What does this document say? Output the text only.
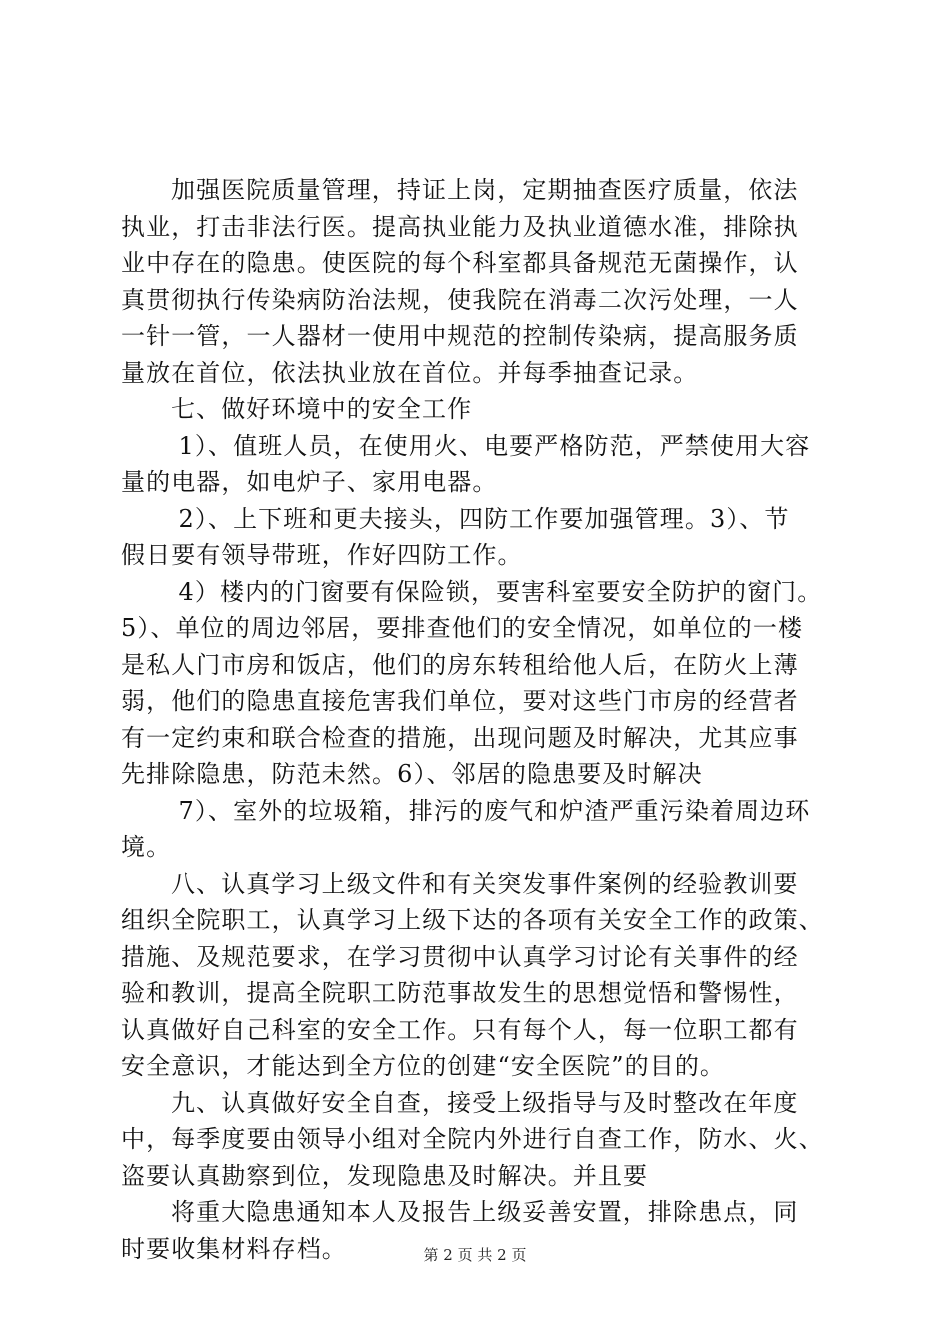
加强医院质量管理，持证上岗，定期抽查医疗质量，依法
执业，打击非法行医。提高执业能力及执业道德水准，排除执
业中存在的隐患。使医院的每个科室都具备规范无菌操作，认
真贯彻执行传染病防治法规，使我院在消毒二次污处理，一人
一针一管，一人器材一使用中规范的控制传染病，提高服务质
量放在首位，依法执业放在首位。并每季抽查记录。
七、做好环境中的安全工作
1）、值班人员，在使用火、电要严格防范，严禁使用大容
量的电器，如电炉子、家用电器。
2）、上下班和更夫接头，四防工作要加强管理。3）、节
假日要有领导带班，作好四防工作。
4）楼内的门窗要有保险锁，要害科室要安全防护的窗门。
5）、单位的周边邻居，要排查他们的安全情况，如单位的一楼
是私人门市房和饭店，他们的房东转租给他人后，在防火上薄
弱，他们的隐患直接危害我们单位，要对这些门市房的经营者
有一定约束和联合检查的措施，出现问题及时解决，尤其应事
先排除隐患，防范未然。6）、邻居的隐患要及时解决
7）、室外的垃圾箱，排污的废气和炉渣严重污染着周边环
境。
八、认真学习上级文件和有关突发事件案例的经验教训要
组织全院职工，认真学习上级下达的各项有关安全工作的政策、
措施、及规范要求，在学习贯彻中认真学习讨论有关事件的经
验和教训，提高全院职工防范事故发生的思想觉悟和警惕性，
认真做好自己科室的安全工作。只有每个人，每一位职工都有
安全意识，才能达到全方位的创建“安全医院”的目的。
九、认真做好安全自查，接受上级指导与及时整改在年度
中，每季度要由领导小组对全院内外进行自查工作，防水、火、
盗要认真勘察到位，发现隐患及时解决。并且要
将重大隐患通知本人及报告上级妥善安置，排除患点，同
时要收集材料存档。	第 2 页 共 2 页
